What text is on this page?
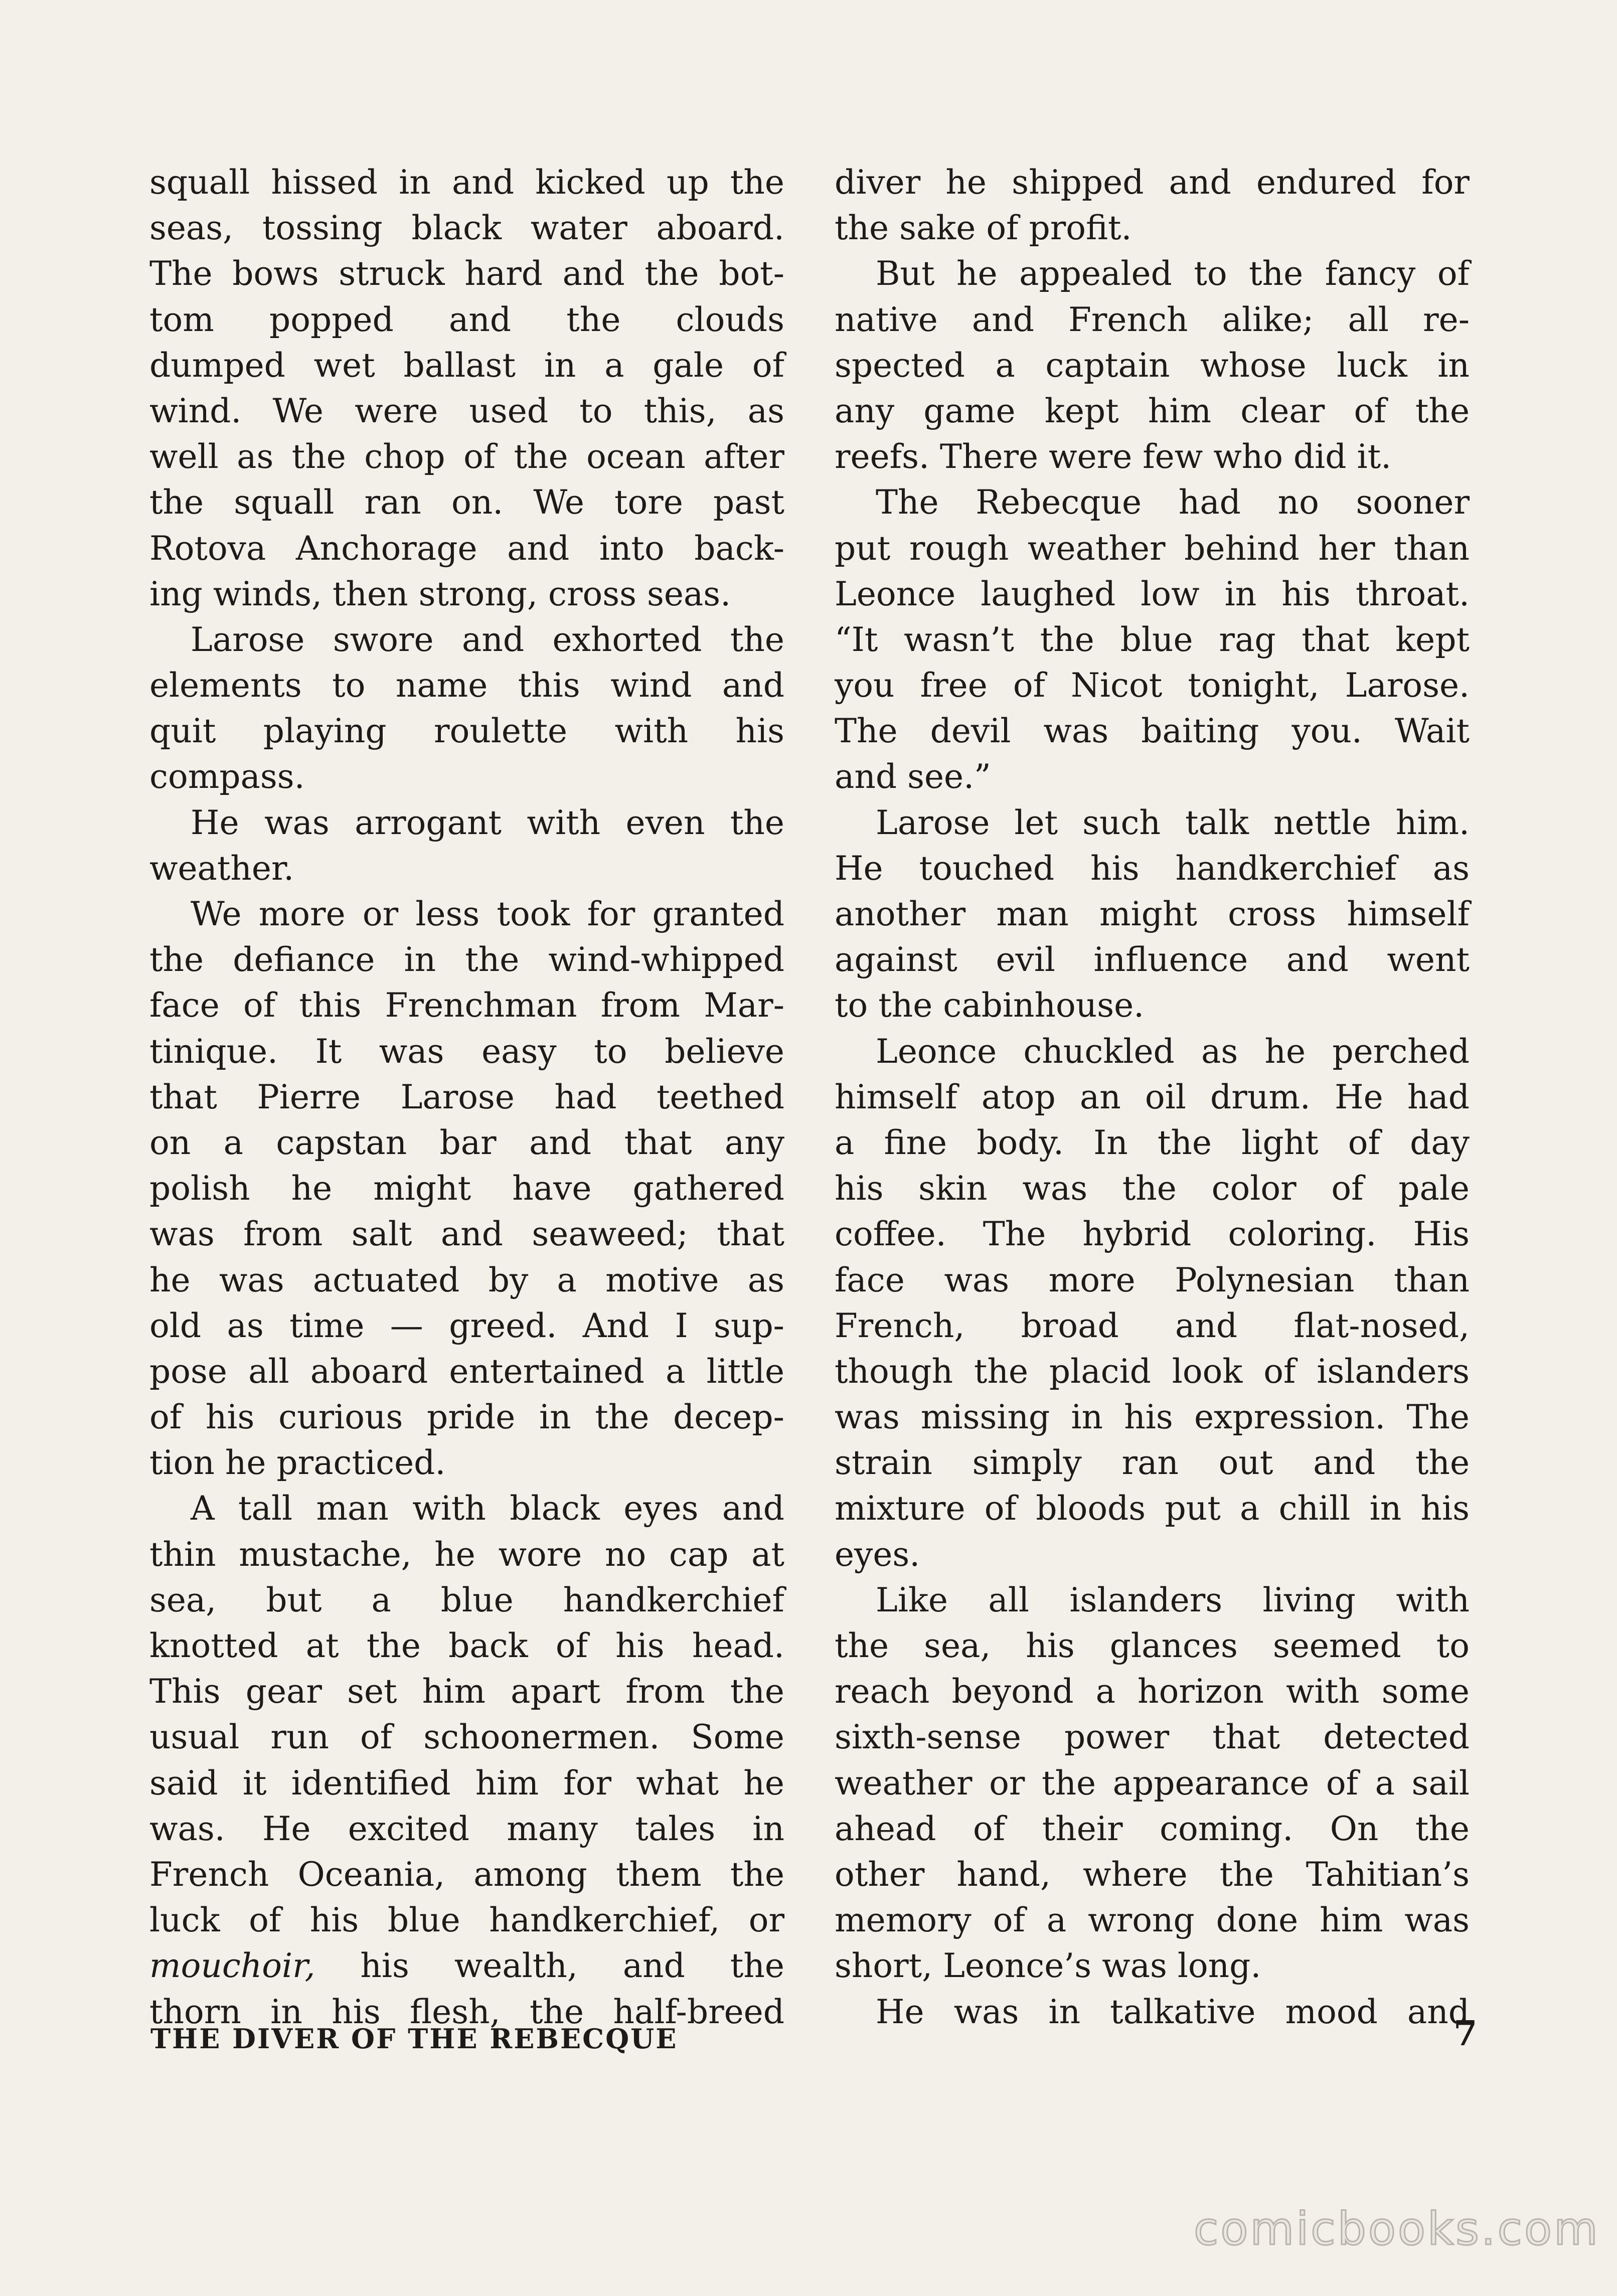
squall hissed in and kicked up the
seas, tossing black water aboard.
The bows struck hard and the bot-
tom popped and the clouds
dumped wet ballast in a gale of
wind. We were used to this, as
well as the chop of the ocean after
the squall ran on. We tore past
Rotova Anchorage and into back-
ing winds, then strong, cross seas.
Larose swore and exhorted the
elements to name this wind and
quit playing roulette with his
compass.
He was arrogant with even the
weather.
We more or less took for granted
the defiance in the wind-whipped
face of this Frenchman from Mar-
tinique. It was easy to believe
that Pierre Larose had teethed
on a capstan bar and that any
polish he might have gathered
was from salt and seaweed; that
he was actuated by a motive as
old as time — greed. And I sup-
pose all aboard entertained a little
of his curious pride in the decep-
tion he practiced.
A tall man with black eyes and
thin mustache, he wore no cap at
sea, but a blue handkerchief
knotted at the back of his head.
This gear set him apart from the
usual run of schoonermen. Some
said it identified him for what he
was. He excited many tales in
French Oceania, among them the
luck of his blue handkerchief, or
mouchoir, his wealth, and the
thorn in his flesh, the half-breed
diver he shipped and endured for
the sake of profit.
But he appealed to the fancy of
native and French alike; all re-
spected a captain whose luck in
any game kept him clear of the
reefs. There were few who did it.
The Rebecque had no sooner
put rough weather behind her than
Leonce laughed low in his throat.
“It wasn’t the blue rag that kept
you free of Nicot tonight, Larose.
The devil was baiting you. Wait
and see.”
Larose let such talk nettle him.
He touched his handkerchief as
another man might cross himself
against evil influence and went
to the cabinhouse.
Leonce chuckled as he perched
himself atop an oil drum. He had
a fine body. In the light of day
his skin was the color of pale
coffee. The hybrid coloring. His
face was more Polynesian than
French, broad and flat-nosed,
though the placid look of islanders
was missing in his expression. The
strain simply ran out and the
mixture of bloods put a chill in his
eyes.
Like all islanders living with
the sea, his glances seemed to
reach beyond a horizon with some
sixth-sense power that detected
weather or the appearance of a sail
ahead of their coming. On the
other hand, where the Tahitian’s
memory of a wrong done him was
short, Leonce’s was long.
He was in talkative mood and
THE DIVER OF THE REBECQUE	7
comicbooks.com
